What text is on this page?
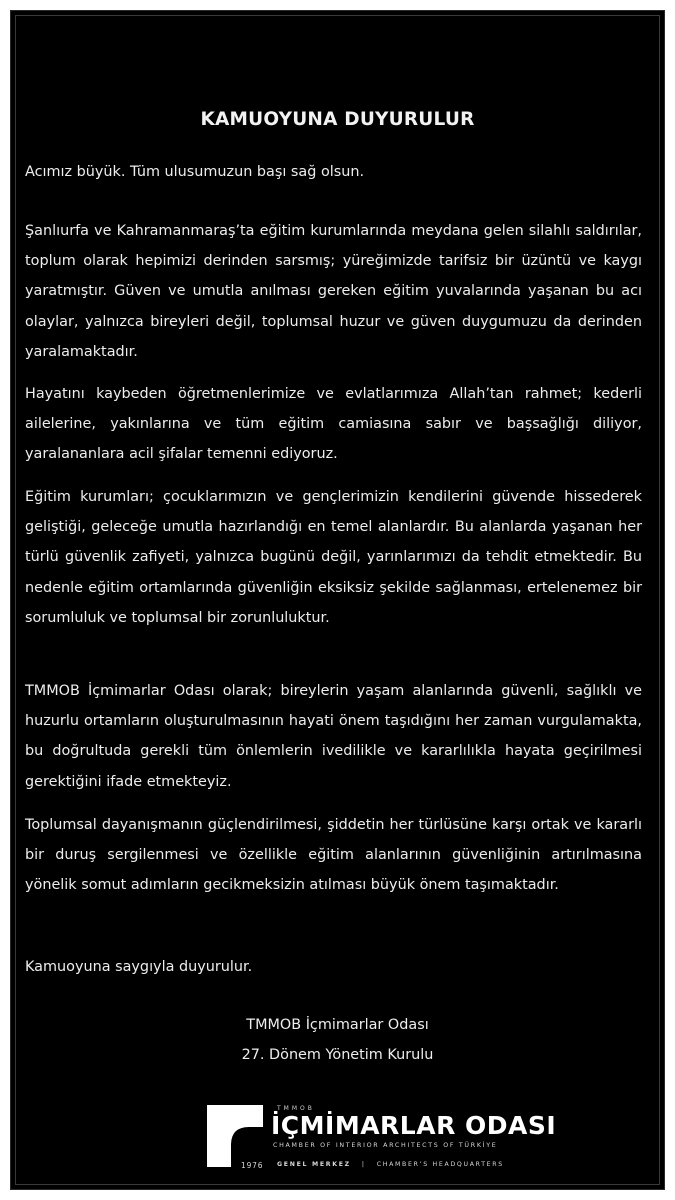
KAMUOYUNA DUYURULUR

Acımız büyük. Tüm ulusumuzun başı sağ olsun.

Şanlıurfa ve Kahramanmaraş’ta eğitim kurumlarında meydana gelen silahlı saldırılar, toplum olarak hepimizi derinden sarsmış; yüreğimizde tarifsiz bir üzüntü ve kaygı yaratmıştır. Güven ve umutla anılması gereken eğitim yuvalarında yaşanan bu acı olaylar, yalnızca bireyleri değil, toplumsal huzur ve güven duygumuzu da derinden yaralamaktadır.

Hayatını kaybeden öğretmenlerimize ve evlatlarımıza Allah’tan rahmet; kederli ailelerine, yakınlarına ve tüm eğitim camiasına sabır ve başsağlığı diliyor, yaralananlara acil şifalar temenni ediyoruz.

Eğitim kurumları; çocuklarımızın ve gençlerimizin kendilerini güvende hissederek geliştiği, geleceğe umutla hazırlandığı en temel alanlardır. Bu alanlarda yaşanan her türlü güvenlik zafiyeti, yalnızca bugünü değil, yarınlarımızı da tehdit etmektedir. Bu nedenle eğitim ortamlarında güvenliğin eksiksiz şekilde sağlanması, ertelenemez bir sorumluluk ve toplumsal bir zorunluluktur.

TMMOB İçmimarlar Odası olarak; bireylerin yaşam alanlarında güvenli, sağlıklı ve huzurlu ortamların oluşturulmasının hayati önem taşıdığını her zaman vurgulamakta, bu doğrultuda gerekli tüm önlemlerin ivedilikle ve kararlılıkla hayata geçirilmesi gerektiğini ifade etmekteyiz.

Toplumsal dayanışmanın güçlendirilmesi, şiddetin her türlüsüne karşı ortak ve kararlı bir duruş sergilenmesi ve özellikle eğitim alanlarının güvenliğinin artırılmasına yönelik somut adımların gecikmeksizin atılması büyük önem taşımaktadır.

Kamuoyuna saygıyla duyurulur.

TMMOB İçmimarlar Odası
27. Dönem Yönetim Kurulu
TMMOB
İÇMİMARLAR ODASI
CHAMBER OF INTERIOR ARCHITECTS OF TÜRKİYE
1976 GENEL MERKEZ | CHAMBER’S HEADQUARTERS
